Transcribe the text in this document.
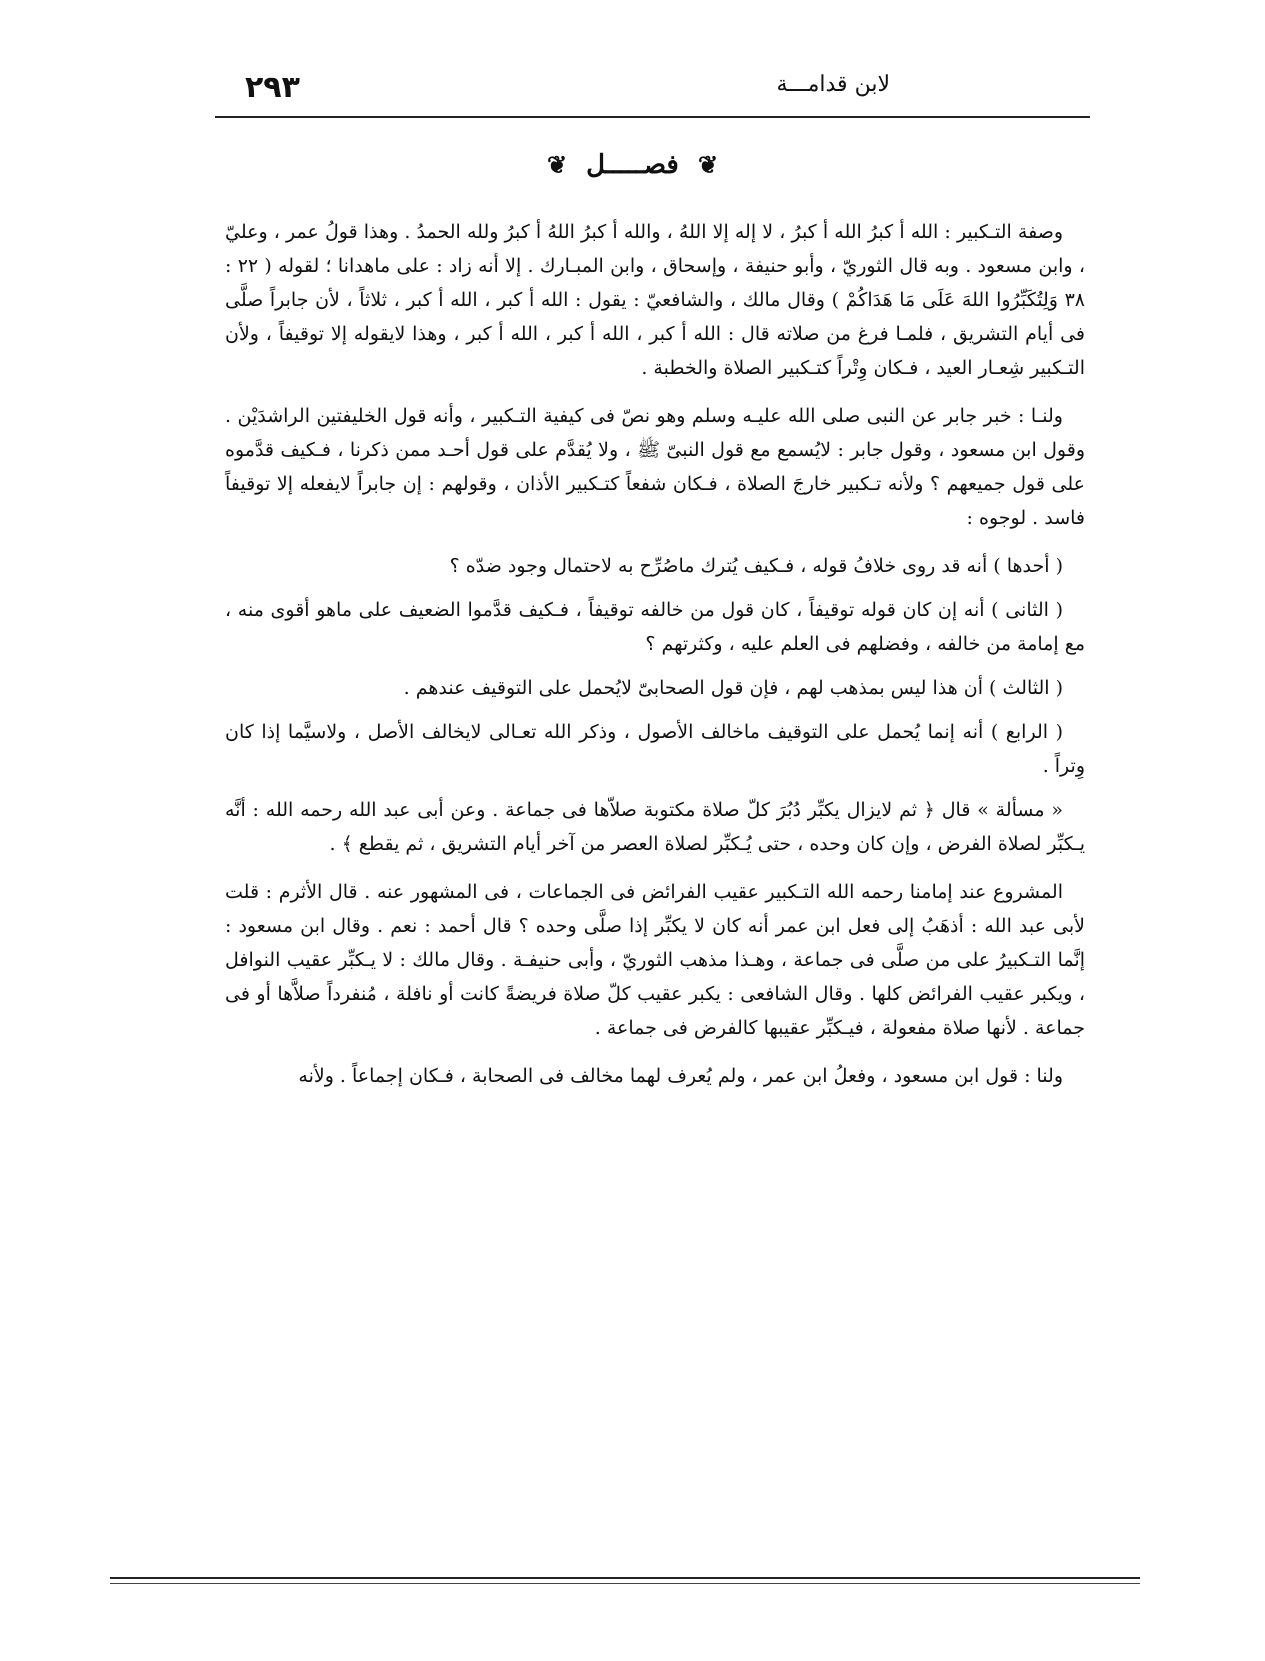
٢٩٣	لابن قدامـــة
❦ فصـــــل ❦

وصفة التـكبير : الله أ كبرُ الله أ كبرُ ، لا إله إلا اللهُ ، والله أ كبرُ اللهُ أ كبرُ ولله الحمدُ . وهذا قولُ عمر ، وعليّ ، وابن مسعود . وبه قال الثوريّ ، وأبو حنيفة ، وإسحاق ، وابن المبـارك . إلا أنه زاد : على ماهدانا ؛ لقوله ( ٢٢ : ٣٨ وَلِتُكَبِّرُوا اللهَ عَلَى مَا هَدَاكُمْ ) وقال مالك ، والشافعيّ : يقول : الله أ كبر ، الله أ كبر ، ثلاثاً ، لأن جابراً صلَّى فى أيام التشريق ، فلمـا فرغ من صلاته قال : الله أ كبر ، الله أ كبر ، الله أ كبر ، وهذا لايقوله إلا توقيفاً ، ولأن التـكبير شِعـار العيد ، فـكان وِتْراً كتـكبير الصلاة والخطبة .

ولنـا : خبر جابر عن النبى صلى الله عليـه وسلم وهو نصّ فى كيفية التـكبير ، وأنه قول الخليفتين الراشدَيْن . وقول ابن مسعود ، وقول جابر : لايُسمع مع قول النبىّ ﷺ ، ولا يُقدَّم على قول أحـد ممن ذكرنا ، فـكيف قدَّموه على قول جميعهم ؟ ولأنه تـكبير خارجَ الصلاة ، فـكان شفعاً كتـكبير الأذان ، وقولهم : إن جابراً لايفعله إلا توقيفاً فاسد . لوجوه :

( أحدها ) أنه قد روى خلافُ قوله ، فـكيف يُترك ماصُرِّح به لاحتمال وجود ضدّه ؟

( الثانى ) أنه إن كان قوله توقيفاً ، كان قول من خالفه توقيفاً ، فـكيف قدَّموا الضعيف على ماهو أقوى منه ، مع إمامة من خالفه ، وفضلهم فى العلم عليه ، وكثرتهم ؟

( الثالث ) أن هذا ليس بمذهب لهم ، فإن قول الصحابىّ لايُحمل على التوقيف عندهم .

( الرابع ) أنه إنما يُحمل على التوقيف ماخالف الأصول ، وذكر الله تعـالى لايخالف الأصل ، ولاسيَّما إذا كان وِتراً .

« مسألة » قال ﴿ ثم لايزال يكبِّر دُبُرَ كلّ صلاة مكتوبة صلاّها فى جماعة . وعن أبى عبد الله رحمه الله : أنَّه يـكبِّر لصلاة الفرض ، وإن كان وحده ، حتى يُـكبِّر لصلاة العصر من آخر أيام التشريق ، ثم يقطع ﴾ .

المشروع عند إمامنا رحمه الله التـكبير عقيب الفرائض فى الجماعات ، فى المشهور عنه . قال الأثرم : قلت لأبى عبد الله : أذهَبُ إلى فعل ابن عمر أنه كان لا يكبِّر إذا صلَّى وحده ؟ قال أحمد : نعم . وقال ابن مسعود : إنَّما التـكبيرُ على من صلَّى فى جماعة ، وهـذا مذهب الثوريّ ، وأبى حنيفـة . وقال مالك : لا يـكبِّر عقيب النوافل ، ويكبر عقيب الفرائض كلها . وقال الشافعى : يكبر عقيب كلّ صلاة فريضةً كانت أو نافلة ، مُنفرداً صلاَّها أو فى جماعة . لأنها صلاة مفعولة ، فيـكبِّر عقيبها كالفرض فى جماعة .

ولنا : قول ابن مسعود ، وفعلُ ابن عمر ، ولم يُعرف لهما مخالف فى الصحابة ، فـكان إجماعاً . ولأنه
